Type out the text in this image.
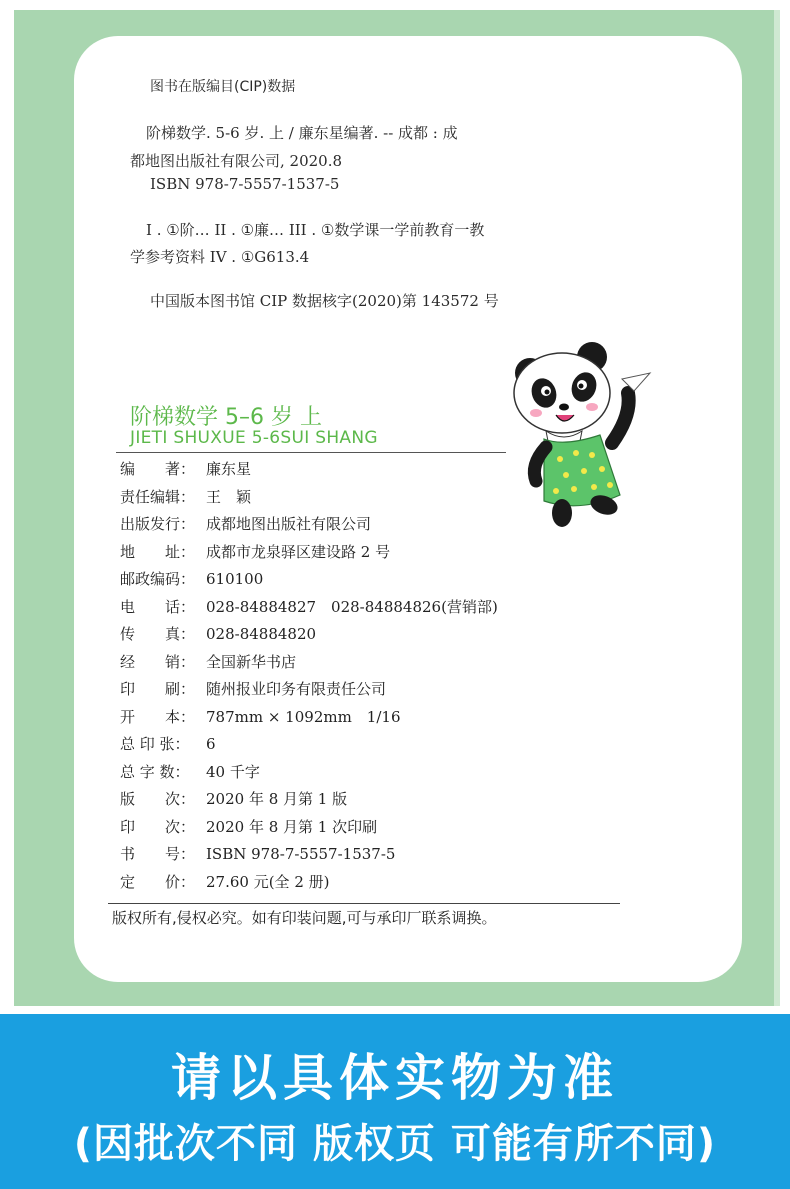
图书在版编目(CIP)数据
阶梯数学. 5-6 岁. 上 / 廉东星编著. -- 成都 : 成
都地图出版社有限公司, 2020.8
ISBN 978-7-5557-1537-5
I . ①阶… II . ①廉… III . ①数学课一学前教育一教
学参考资料 IV . ①G613.4
中国版本图书馆 CIP 数据核字(2020)第 143572 号
阶梯数学 5–6 岁 上
JIETI SHUXUE 5-6SUI SHANG
编　　著： 廉东星
责任编辑： 王　颖
出版发行： 成都地图出版社有限公司
地　　址： 成都市龙泉驿区建设路 2 号
邮政编码： 610100
电　　话： 028-84884827　028-84884826(营销部)
传　　真： 028-84884820
经　　销： 全国新华书店
印　　刷： 随州报业印务有限责任公司
开　　本： 787mm × 1092mm　1/16
总 印 张： 6
总 字 数： 40 千字
版　　次： 2020 年 8 月第 1 版
印　　次： 2020 年 8 月第 1 次印刷
书　　号： ISBN 978-7-5557-1537-5
定　　价： 27.60 元(全 2 册)
版权所有,侵权必究。如有印装问题,可与承印厂联系调换。
请以具体实物为准
(因批次不同 版权页 可能有所不同)
